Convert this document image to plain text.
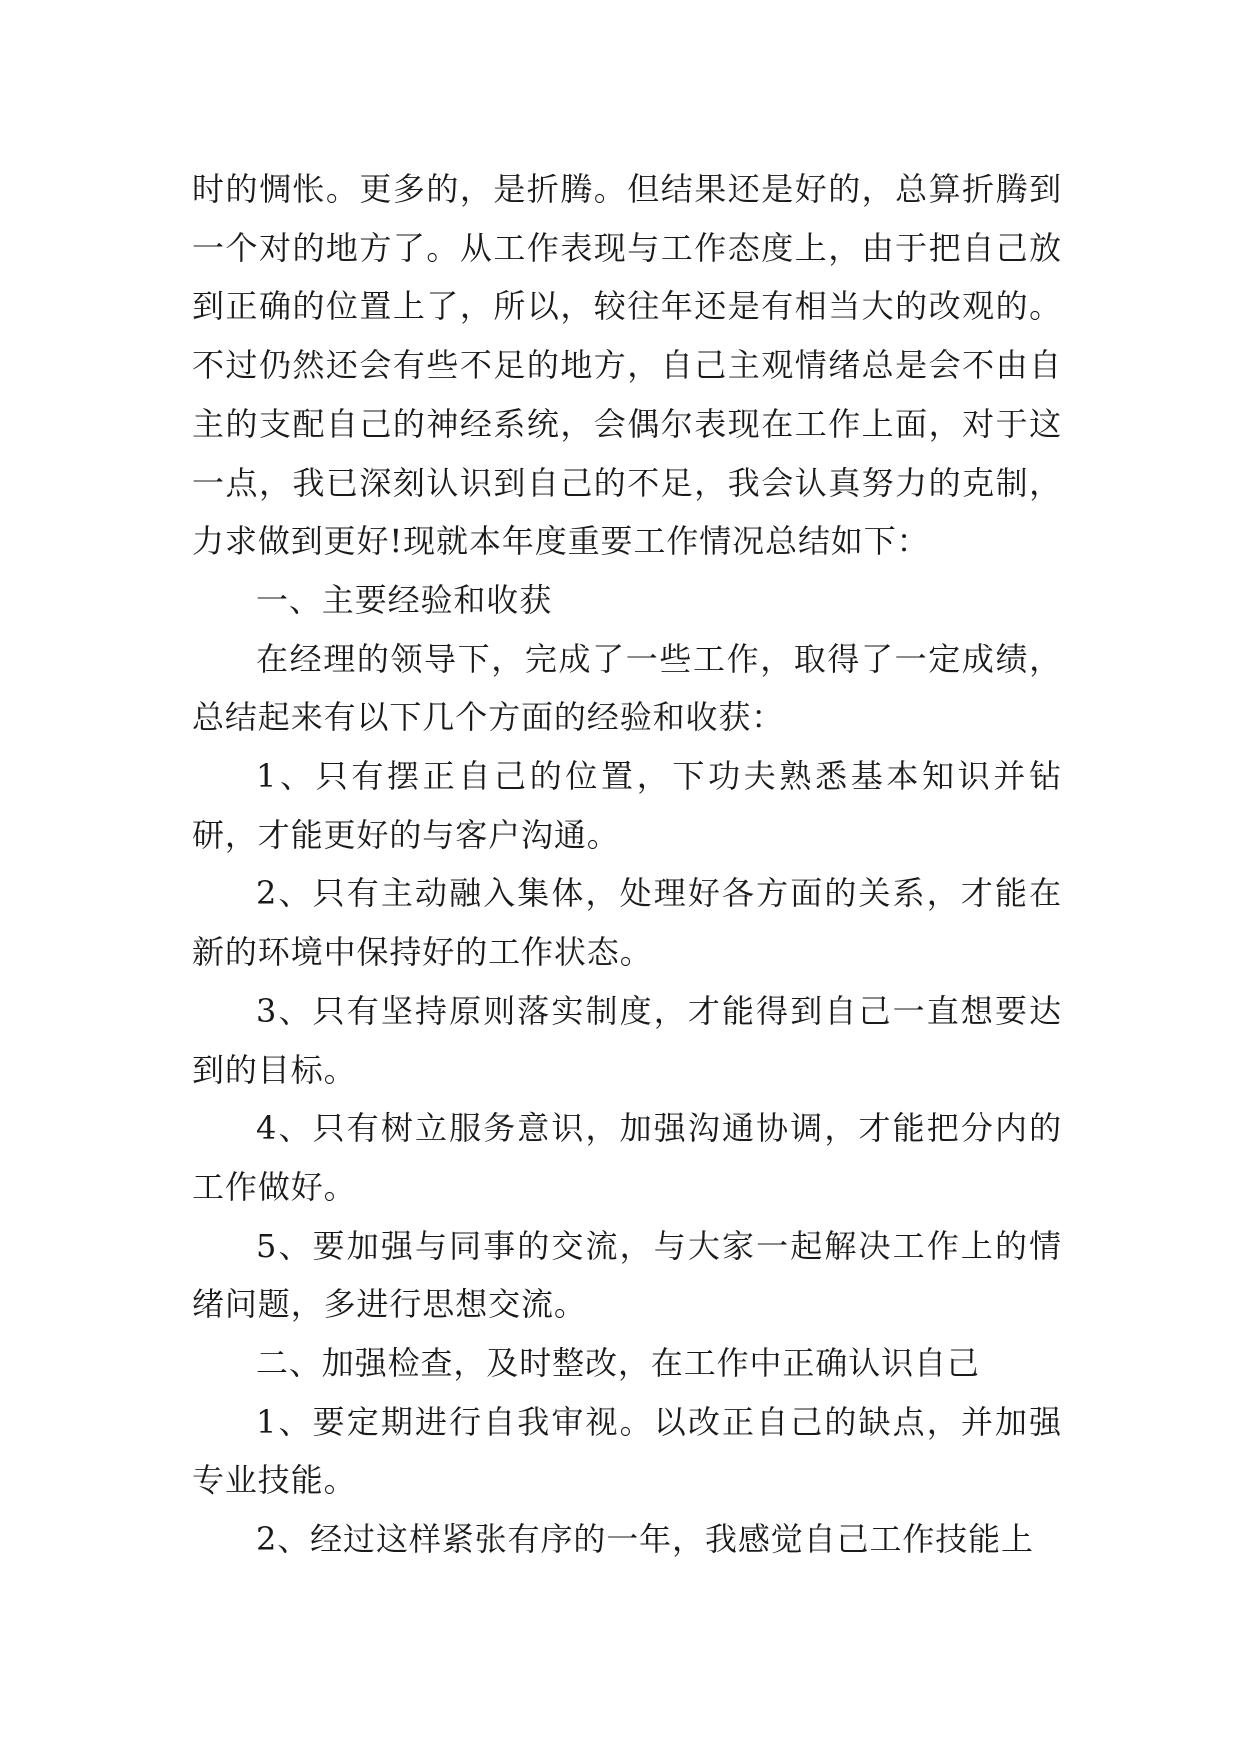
时的惆怅。更多的，是折腾。但结果还是好的，总算折腾到一个对的地方了。从工作表现与工作态度上，由于把自己放到正确的位置上了，所以，较往年还是有相当大的改观的。不过仍然还会有些不足的地方，自己主观情绪总是会不由自主的支配自己的神经系统，会偶尔表现在工作上面，对于这一点，我已深刻认识到自己的不足，我会认真努力的克制，力求做到更好!现就本年度重要工作情况总结如下：

一、主要经验和收获

在经理的领导下，完成了一些工作，取得了一定成绩，总结起来有以下几个方面的经验和收获：

1、只有摆正自己的位置，下功夫熟悉基本知识并钻研，才能更好的与客户沟通。

2、只有主动融入集体，处理好各方面的关系，才能在新的环境中保持好的工作状态。

3、只有坚持原则落实制度，才能得到自己一直想要达到的目标。

4、只有树立服务意识，加强沟通协调，才能把分内的工作做好。

5、要加强与同事的交流，与大家一起解决工作上的情绪问题，多进行思想交流。

二、加强检查，及时整改，在工作中正确认识自己

1、要定期进行自我审视。以改正自己的缺点，并加强专业技能。

2、经过这样紧张有序的一年，我感觉自己工作技能上
